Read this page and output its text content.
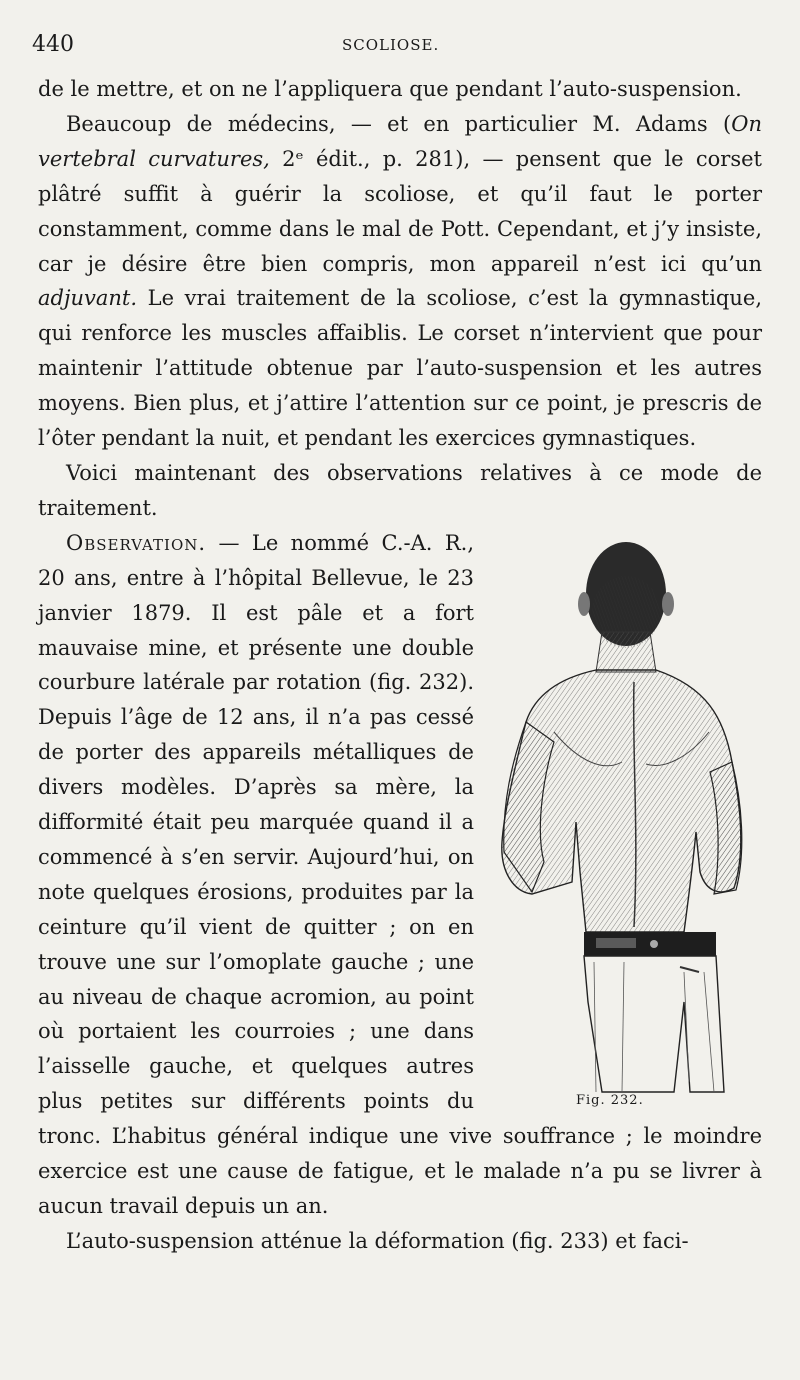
440	SCOLIOSE.

de le mettre, et on ne l’appliquera que pendant l’auto-suspension.

Beaucoup de médecins, — et en particulier M. Adams (On vertebral curvatures, 2ᵉ édit., p. 281), — pensent que le corset plâtré suffit à guérir la scoliose, et qu’il faut le porter constamment, comme dans le mal de Pott. Cependant, et j’y insiste, car je désire être bien compris, mon appareil n’est ici qu’un adjuvant. Le vrai traitement de la scoliose, c’est la gymnastique, qui renforce les muscles affaiblis. Le corset n’intervient que pour maintenir l’attitude obtenue par l’auto-suspension et les autres moyens. Bien plus, et j’attire l’attention sur ce point, je prescris de l’ôter pendant la nuit, et pendant les exercices gymnastiques.

Voici maintenant des observations relatives à ce mode de traitement.

Fig. 232.

Observation. — Le nommé C.-A. R., 20 ans, entre à l’hôpital Bellevue, le 23 janvier 1879. Il est pâle et a fort mauvaise mine, et présente une double courbure latérale par rotation (fig. 232). Depuis l’âge de 12 ans, il n’a pas cessé de porter des appareils métalliques de divers modèles. D’après sa mère, la difformité était peu marquée quand il a commencé à s’en servir. Aujourd’hui, on note quelques érosions, produites par la ceinture qu’il vient de quitter ; on en trouve une sur l’omoplate gauche ; une au niveau de chaque acromion, au point où portaient les courroies ; une dans l’aisselle gauche, et quelques autres plus petites sur différents points du tronc. L’habitus général indique une vive souffrance ; le moindre exercice est une cause de fatigue, et le malade n’a pu se livrer à aucun travail depuis un an.

L’auto-suspension atténue la déformation (fig. 233) et faci-
